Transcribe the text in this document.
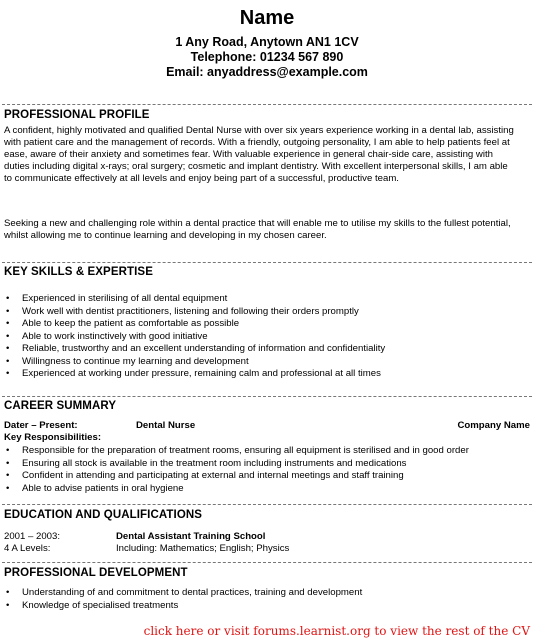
Name
1 Any Road, Anytown AN1 1CV
Telephone: 01234 567 890
Email: anyaddress@example.com
PROFESSIONAL PROFILE
A confident, highly motivated and qualified Dental Nurse with over six years experience working in a dental lab, assisting with patient care and the management of records. With a friendly, outgoing personality, I am able to help patients feel at ease, aware of their anxiety and sometimes fear. With valuable experience in general chair-side care, assisting with duties including digital x-rays; oral surgery; cosmetic and implant dentistry. With excellent interpersonal skills, I am able to communicate effectively at all levels and enjoy being part of a successful, productive team.
Seeking a new and challenging role within a dental practice that will enable me to utilise my skills to the fullest potential, whilst allowing me to continue learning and developing in my chosen career.
KEY SKILLS & EXPERTISE
• Experienced in sterilising of all dental equipment
• Work well with dentist practitioners, listening and following their orders promptly
• Able to keep the patient as comfortable as possible
• Able to work instinctively with good initiative
• Reliable, trustworthy and an excellent understanding of information and confidentiality
• Willingness to continue my learning and development
• Experienced at working under pressure, remaining calm and professional at all times
CAREER SUMMARY
Dater – Present:	Dental Nurse	Company Name
Key Responsibilities:
• Responsible for the preparation of treatment rooms, ensuring all equipment is sterilised and in good order
• Ensuring all stock is available in the treatment room including instruments and medications
• Confident in attending and participating at external and internal meetings and staff training
• Able to advise patients in oral hygiene
EDUCATION AND QUALIFICATIONS
2001 – 2003:	Dental Assistant Training School
4 A Levels:	Including: Mathematics; English; Physics
PROFESSIONAL DEVELOPMENT
• Understanding of and commitment to dental practices, training and development
• Knowledge of specialised treatments
click here or visit forums.learnist.org to view the rest of the CV
